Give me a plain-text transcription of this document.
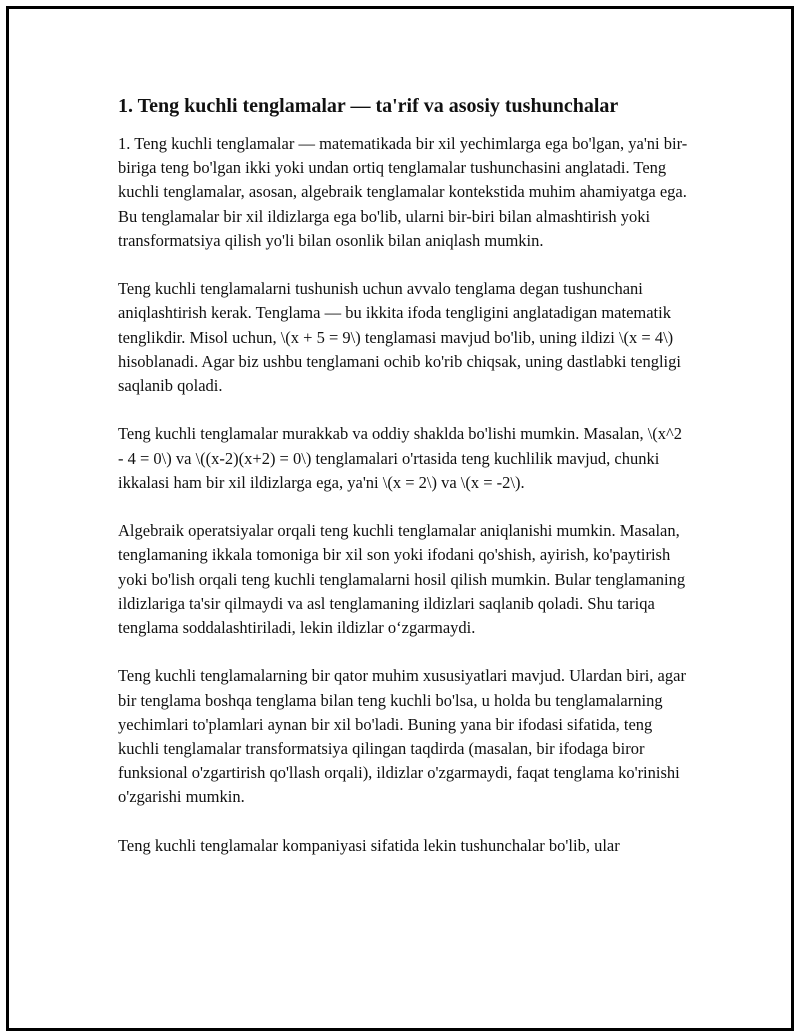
1. Teng kuchli tenglamalar — ta'rif va asosiy tushunchalar

1. Teng kuchli tenglamalar — matematikada bir xil yechimlarga ega bo'lgan, ya'ni bir-biriga teng bo'lgan ikki yoki undan ortiq tenglamalar tushunchasini anglatadi. Teng kuchli tenglamalar, asosan, algebraik tenglamalar kontekstida muhim ahamiyatga ega. Bu tenglamalar bir xil ildizlarga ega bo'lib, ularni bir-biri bilan almashtirish yoki transformatsiya qilish yo'li bilan osonlik bilan aniqlash mumkin.

Teng kuchli tenglamalarni tushunish uchun avvalo tenglama degan tushunchani aniqlashtirish kerak. Tenglama — bu ikkita ifoda tengligini anglatadigan matematik tenglikdir. Misol uchun, \(x + 5 = 9\) tenglamasi mavjud bo'lib, uning ildizi \(x = 4\) hisoblanadi. Agar biz ushbu tenglamani ochib ko'rib chiqsak, uning dastlabki tengligi saqlanib qoladi.

Teng kuchli tenglamalar murakkab va oddiy shaklda bo'lishi mumkin. Masalan, \(x^2 - 4 = 0\) va \((x-2)(x+2) = 0\) tenglamalari o'rtasida teng kuchlilik mavjud, chunki ikkalasi ham bir xil ildizlarga ega, ya'ni \(x = 2\) va \(x = -2\).

Algebraik operatsiyalar orqali teng kuchli tenglamalar aniqlanishi mumkin. Masalan, tenglamaning ikkala tomoniga bir xil son yoki ifodani qo'shish, ayirish, ko'paytirish yoki bo'lish orqali teng kuchli tenglamalarni hosil qilish mumkin. Bular tenglamaning ildizlariga ta'sir qilmaydi va asl tenglamaning ildizlari saqlanib qoladi. Shu tariqa tenglama soddalashtiriladi, lekin ildizlar o‘zgarmaydi.

Teng kuchli tenglamalarning bir qator muhim xususiyatlari mavjud. Ulardan biri, agar bir tenglama boshqa tenglama bilan teng kuchli bo'lsa, u holda bu tenglamalarning yechimlari to'plamlari aynan bir xil bo'ladi. Buning yana bir ifodasi sifatida, teng kuchli tenglamalar transformatsiya qilingan taqdirda (masalan, bir ifodaga biror funksional o'zgartirish qo'llash orqali), ildizlar o'zgarmaydi, faqat tenglama ko'rinishi o'zgarishi mumkin.

Teng kuchli tenglamalar kompaniyasi sifatida lekin tushunchalar bo'lib, ular
